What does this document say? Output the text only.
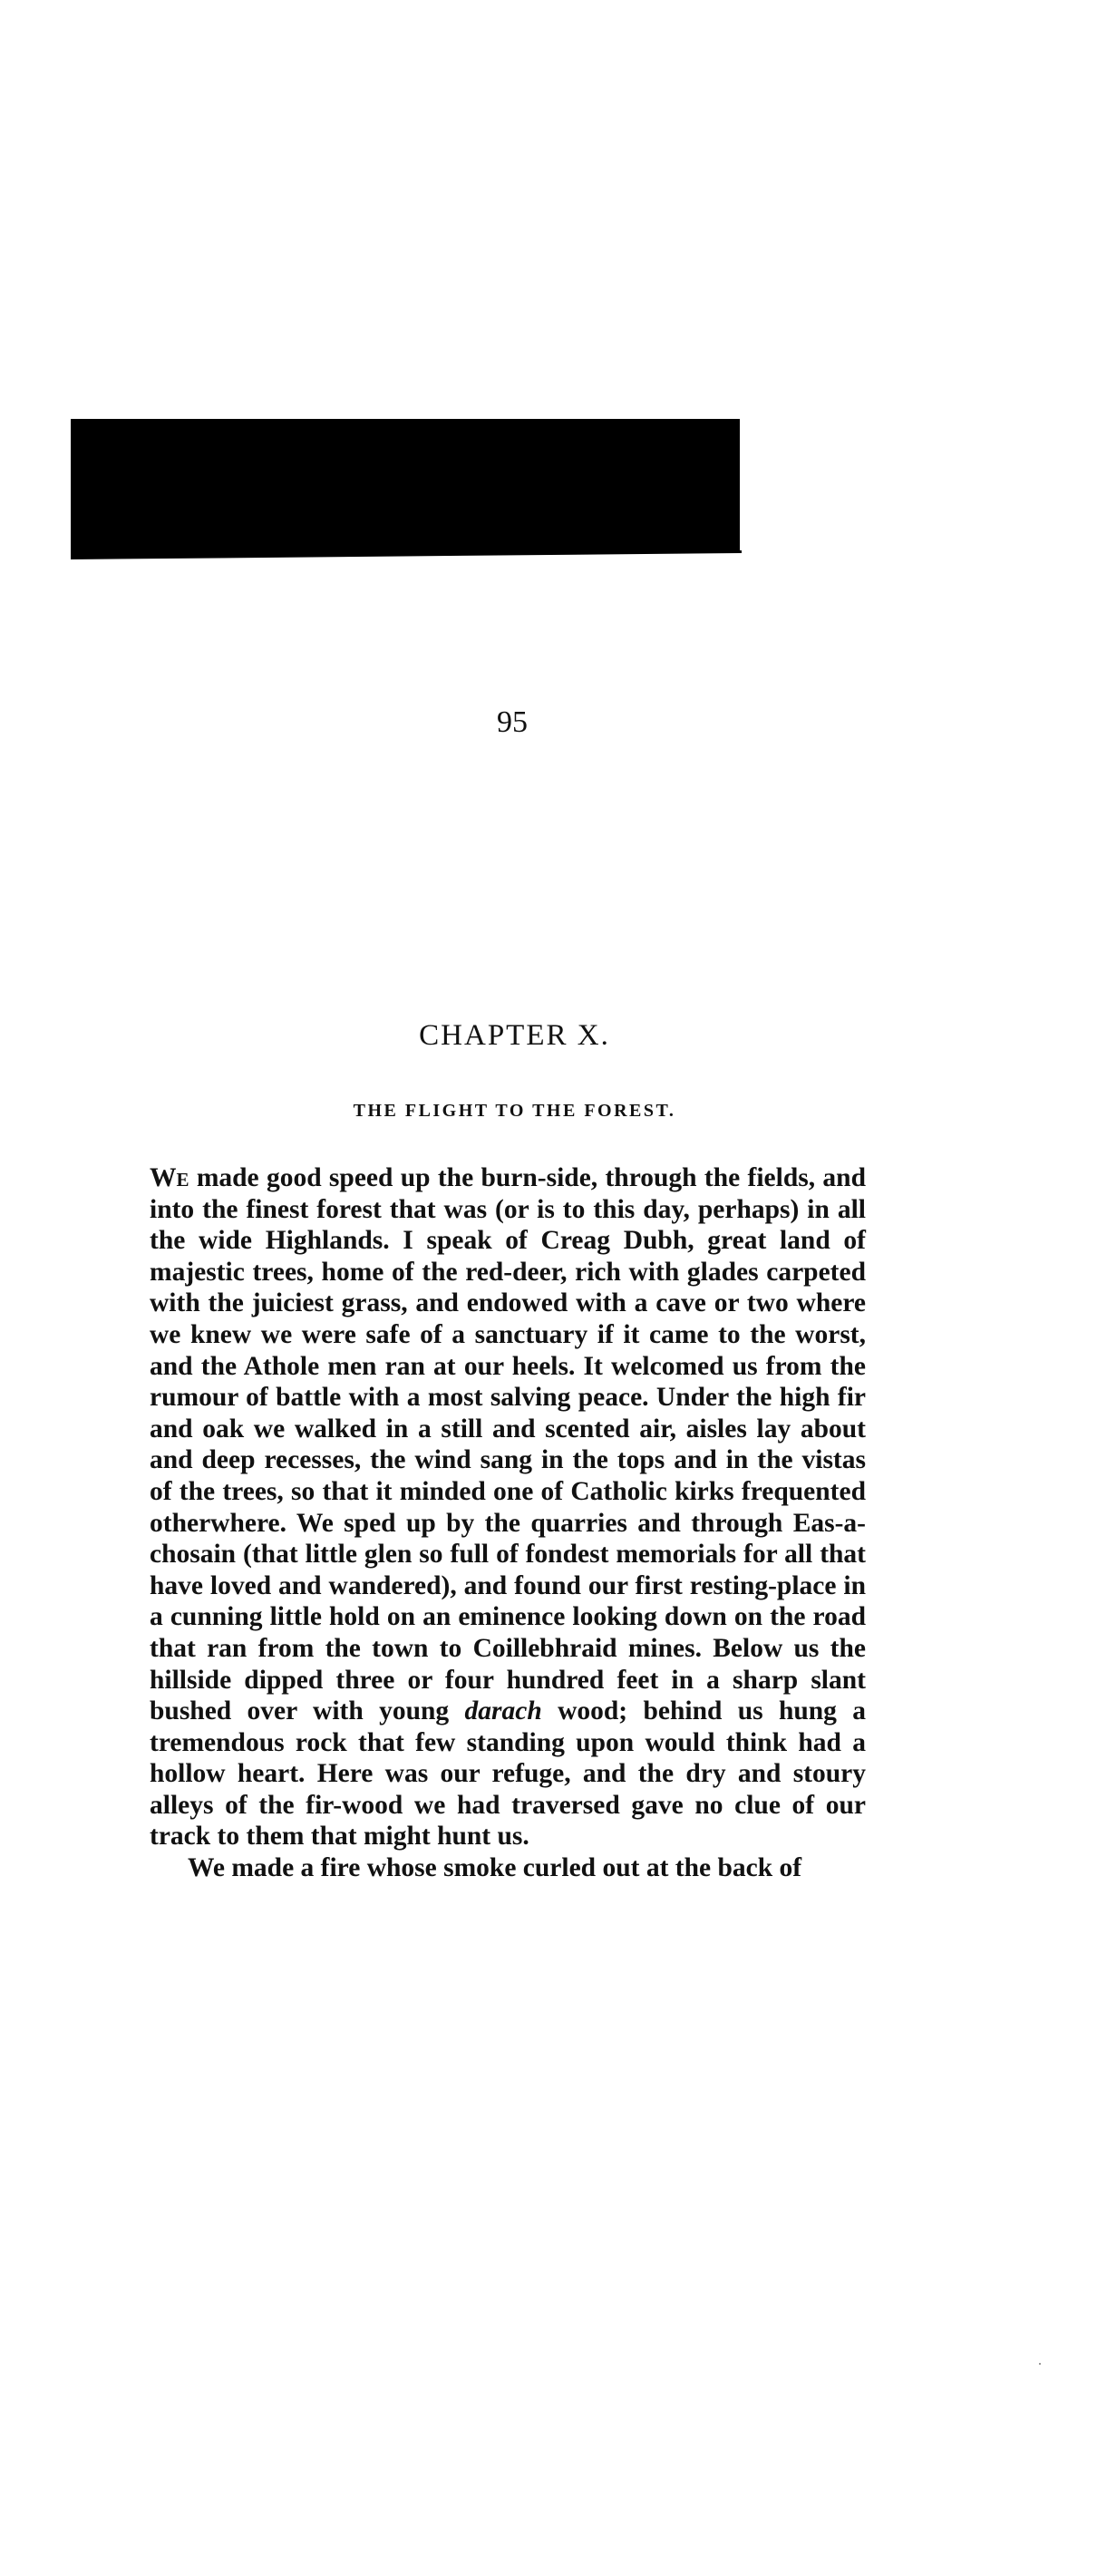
95
CHAPTER X.
THE FLIGHT TO THE FOREST.

We made good speed up the burn-side, through the fields, and into the finest forest that was (or is to this day, perhaps) in all the wide Highlands. I speak of Creag Dubh, great land of majestic trees, home of the red-deer, rich with glades carpeted with the juiciest grass, and endowed with a cave or two where we knew we were safe of a sanctuary if it came to the worst, and the Athole men ran at our heels. It welcomed us from the rumour of battle with a most salving peace. Under the high fir and oak we walked in a still and scented air, aisles lay about and deep recesses, the wind sang in the tops and in the vistas of the trees, so that it minded one of Catholic kirks frequented otherwhere. We sped up by the quarries and through Eas-a-chosain (that little glen so full of fondest memorials for all that have loved and wandered), and found our first resting-place in a cunning little hold on an eminence looking down on the road that ran from the town to Coillebhraid mines. Below us the hillside dipped three or four hundred feet in a sharp slant bushed over with young darach wood; behind us hung a tremendous rock that few standing upon would think had a hollow heart. Here was our refuge, and the dry and stoury alleys of the fir-wood we had traversed gave no clue of our track to them that might hunt us.

We made a fire whose smoke curled out at the back of
